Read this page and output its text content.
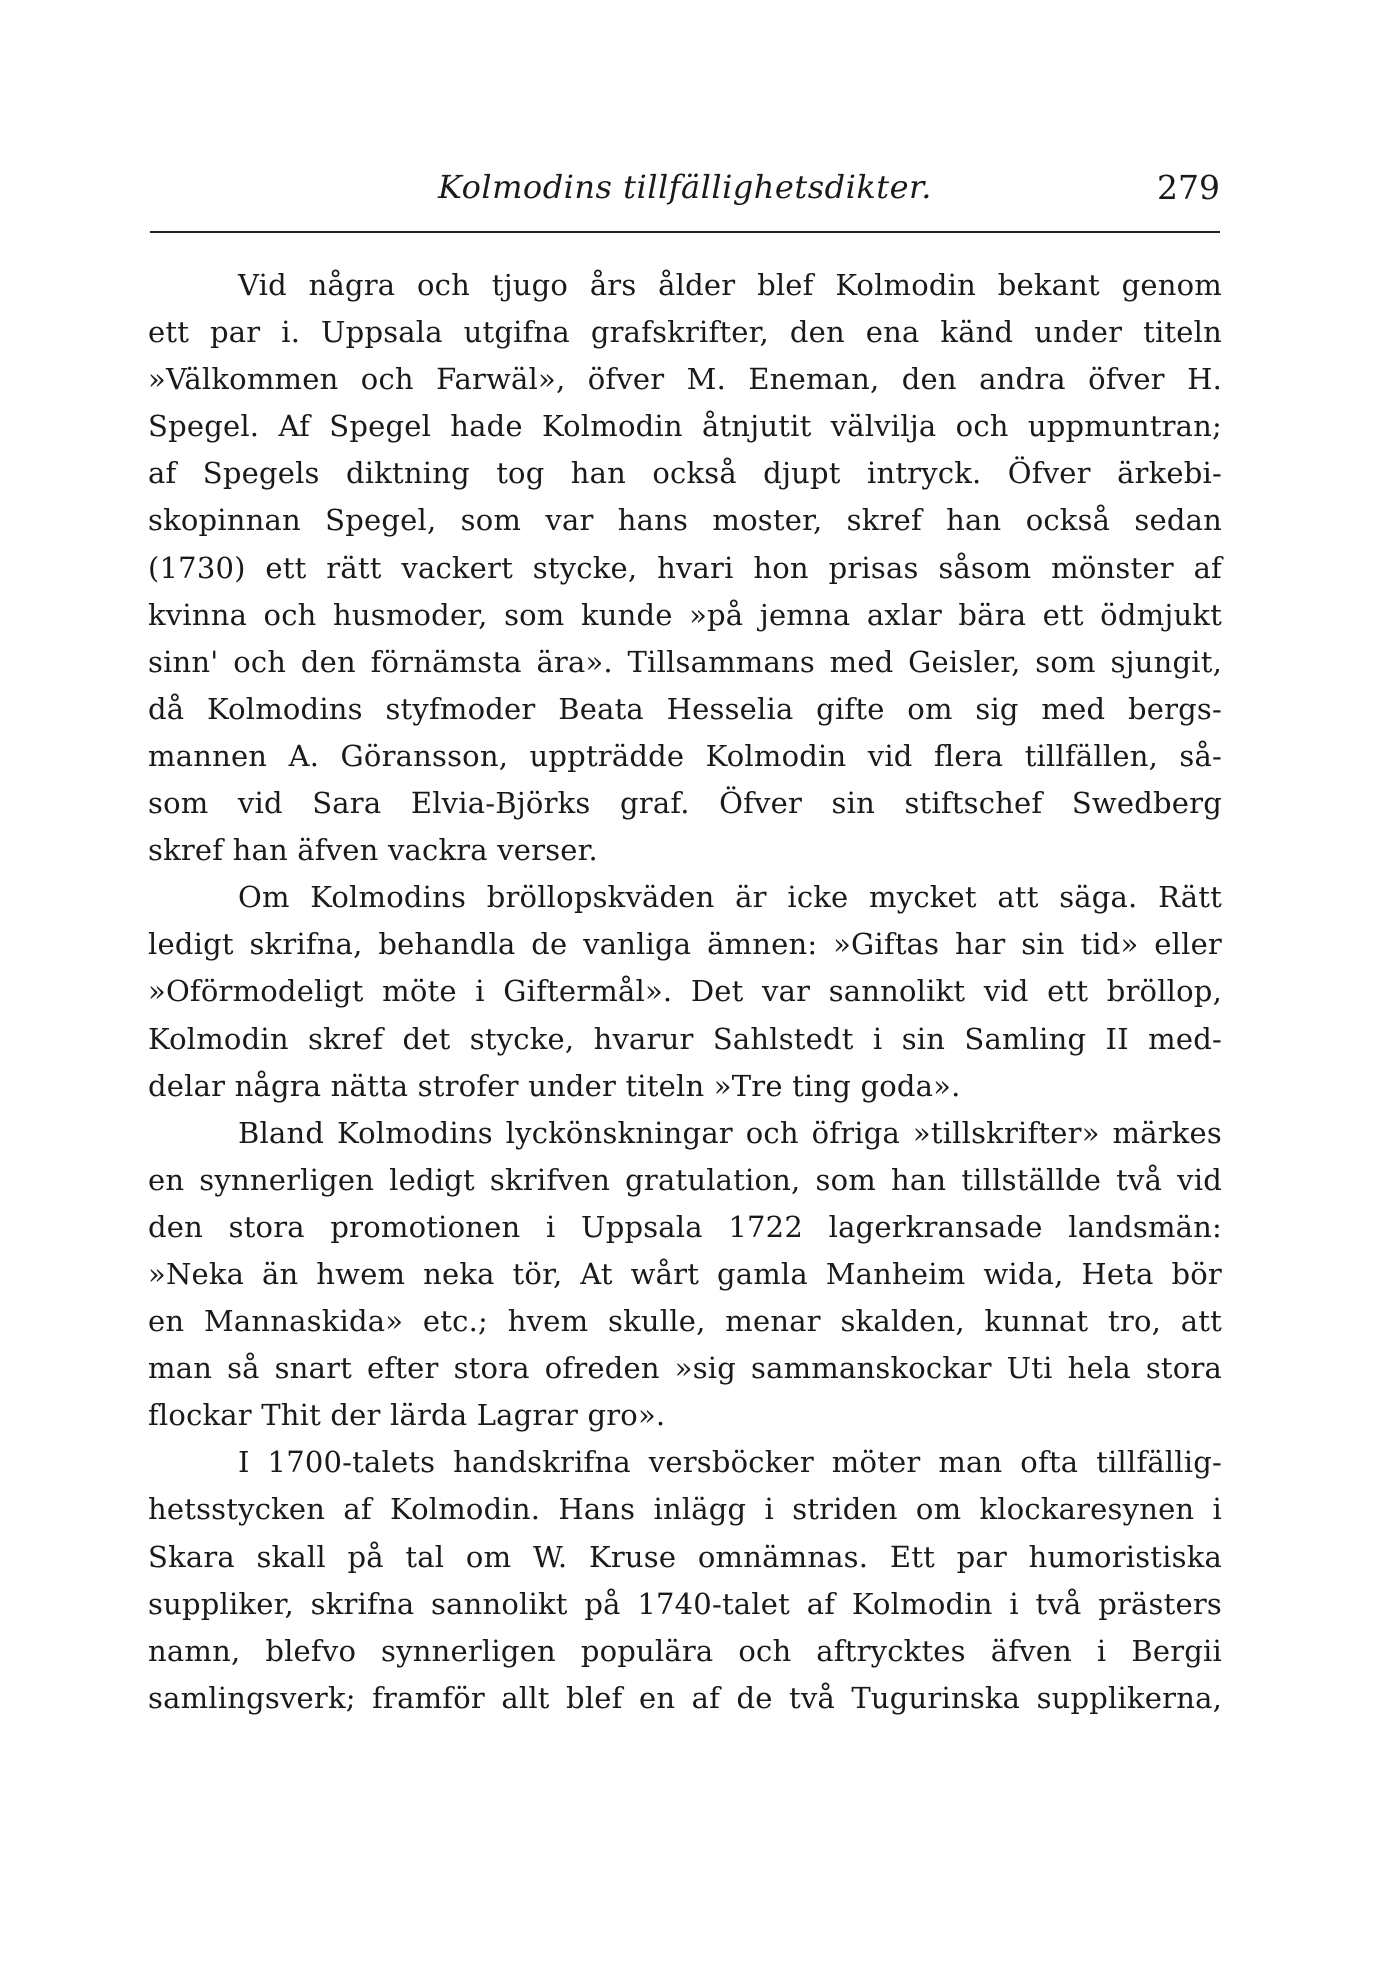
Kolmodins tillfällighetsdikter.	279
Vid några och tjugo års ålder blef Kolmodin bekant genom
ett par i. Uppsala utgifna grafskrifter, den ena känd under titeln
»Välkommen och Farwäl», öfver M. Eneman, den andra öfver H.
Spegel. Af Spegel hade Kolmodin åtnjutit välvilja och uppmuntran;
af Spegels diktning tog han också djupt intryck. Öfver ärkebi-
skopinnan Spegel, som var hans moster, skref han också sedan
(1730) ett rätt vackert stycke, hvari hon prisas såsom mönster af
kvinna och husmoder, som kunde »på jemna axlar bära ett ödmjukt
sinn' och den förnämsta ära». Tillsammans med Geisler, som sjungit,
då Kolmodins styfmoder Beata Hesselia gifte om sig med bergs-
mannen A. Göransson, uppträdde Kolmodin vid flera tillfällen, så-
som vid Sara Elvia-Björks graf. Öfver sin stiftschef Swedberg
skref han äfven vackra verser.
Om Kolmodins bröllopskväden är icke mycket att säga. Rätt
ledigt skrifna, behandla de vanliga ämnen: »Giftas har sin tid» eller
»Oförmodeligt möte i Giftermål». Det var sannolikt vid ett bröllop,
Kolmodin skref det stycke, hvarur Sahlstedt i sin Samling II med-
delar några nätta strofer under titeln »Tre ting goda».
Bland Kolmodins lyckönskningar och öfriga »tillskrifter» märkes
en synnerligen ledigt skrifven gratulation, som han tillställde två vid
den stora promotionen i Uppsala 1722 lagerkransade landsmän:
»Neka än hwem neka tör, At wårt gamla Manheim wida, Heta bör
en Mannaskida» etc.; hvem skulle, menar skalden, kunnat tro, att
man så snart efter stora ofreden »sig sammanskockar Uti hela stora
flockar Thit der lärda Lagrar gro».
I 1700-talets handskrifna versböcker möter man ofta tillfällig-
hetsstycken af Kolmodin. Hans inlägg i striden om klockaresynen i
Skara skall på tal om W. Kruse omnämnas. Ett par humoristiska
suppliker, skrifna sannolikt på 1740-talet af Kolmodin i två prästers
namn, blefvo synnerligen populära och aftrycktes äfven i Bergii
samlingsverk; framför allt blef en af de två Tugurinska supplikerna,
